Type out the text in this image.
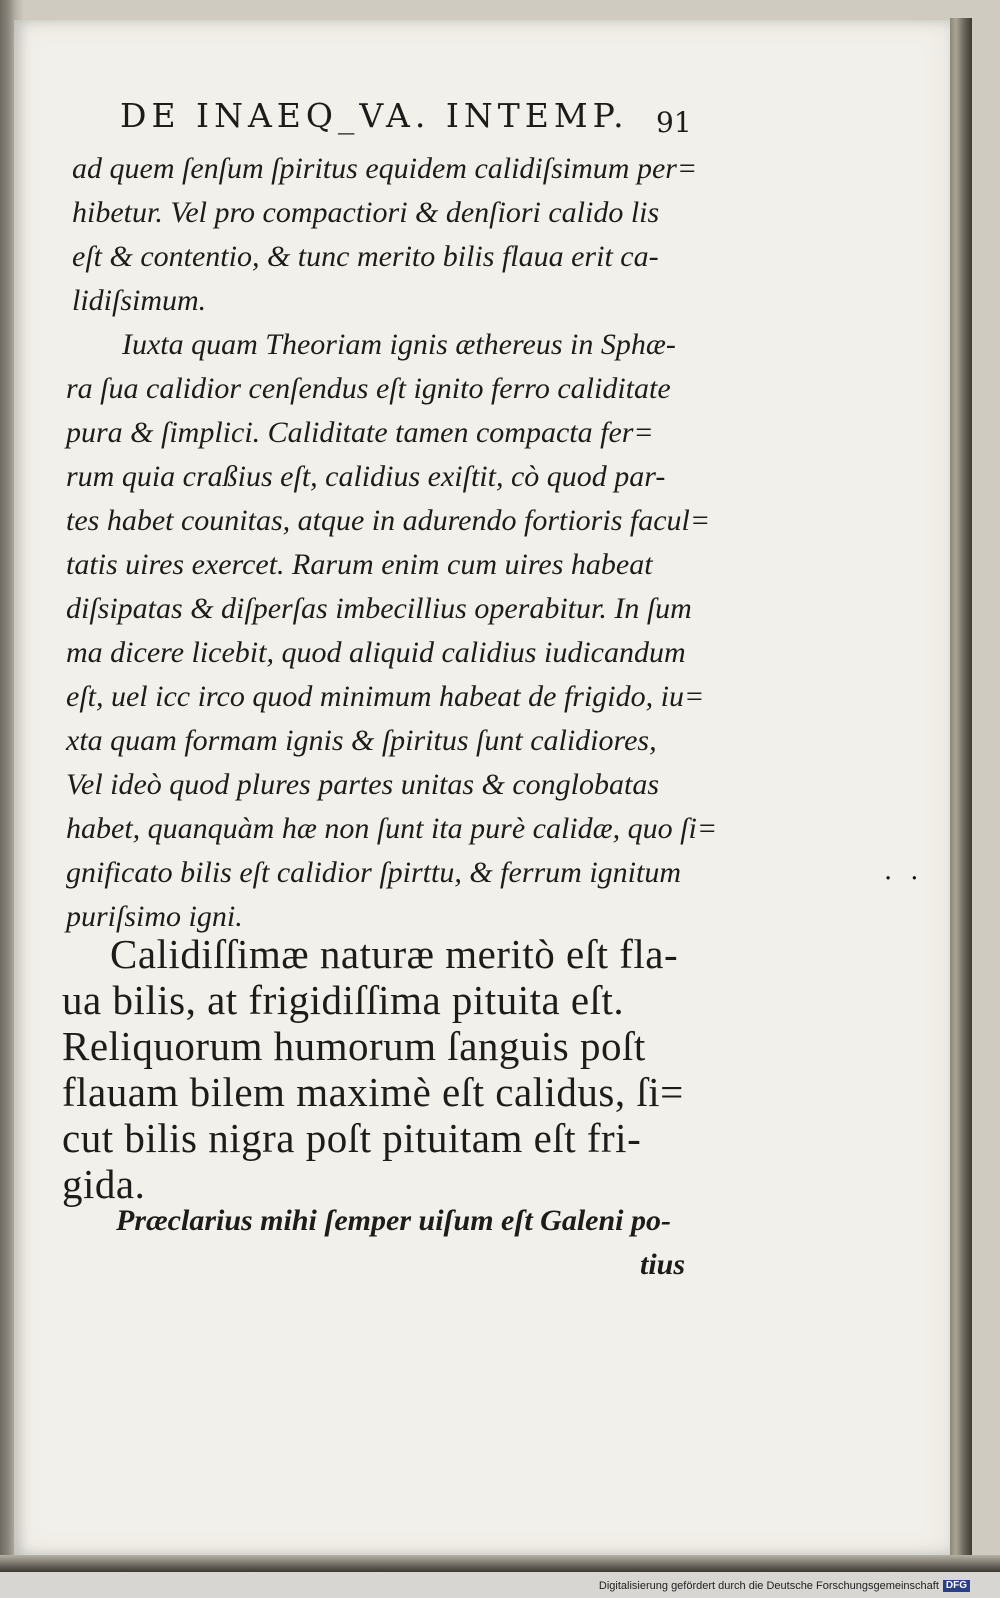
DE INAEQ_VA. INTEMP. 91
ad quem ſenſum ſpiritus equidem calidiſsimum per=
hibetur. Vel pro compactiori & denſiori calido lis
eſt & contentio, & tunc merito bilis flaua erit ca-
lidiſsimum.
Iuxta quam Theoriam ignis æthereus in Sphæ-
ra ſua calidior cenſendus eſt ignito ferro caliditate
pura & ſimplici. Caliditate tamen compacta fer=
rum quia craßius eſt, calidius exiſtit, cò quod par-
tes habet counitas, atque in adurendo fortioris facul=
tatis uires exercet. Rarum enim cum uires habeat
diſsipatas & diſperſas imbecillius operabitur. In ſum
ma dicere licebit, quod aliquid calidius iudicandum
eſt, uel icc irco quod minimum habeat de frigido, iu=
xta quam formam ignis & ſpiritus ſunt calidiores,
Vel ideò quod plures partes unitas & conglobatas
habet, quanquàm hæ non ſunt ita purè calidæ, quo ſi=
gnificato bilis eſt calidior ſpirttu, & ferrum ignitum
puriſsimo igni.
··
Calidiſſimæ naturæ meritò eſt fla-
ua bilis, at frigidiſſima pituita eſt.
Reliquorum humorum ſanguis poſt
flauam bilem maximè eſt calidus, ſi=
cut bilis nigra poſt pituitam eſt fri-
gida.
Præclarius mihi ſemper uiſum eſt Galeni po-
tius
Digitalisierung gefördert durch die Deutsche Forschungsgemeinschaft DFG
